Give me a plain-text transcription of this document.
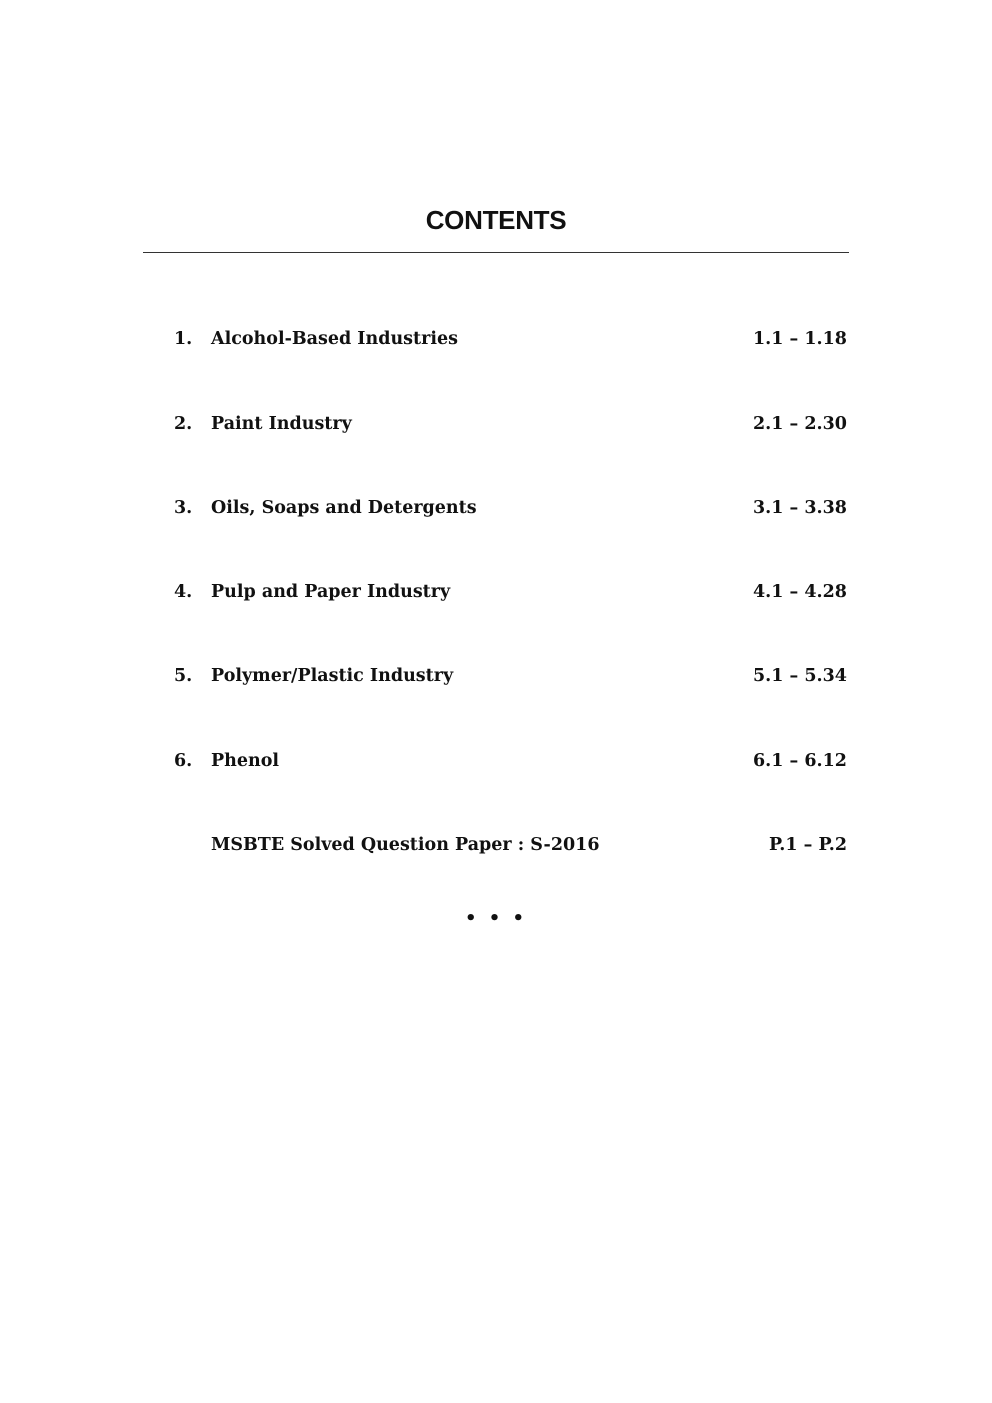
CONTENTS
1. Alcohol-Based Industries	1.1 – 1.18
2. Paint Industry	2.1 – 2.30
3. Oils, Soaps and Detergents	3.1 – 3.38
4. Pulp and Paper Industry	4.1 – 4.28
5. Polymer/Plastic Industry	5.1 – 5.34
6. Phenol	6.1 – 6.12
MSBTE Solved Question Paper : S-2016	P.1 – P.2
• • •
